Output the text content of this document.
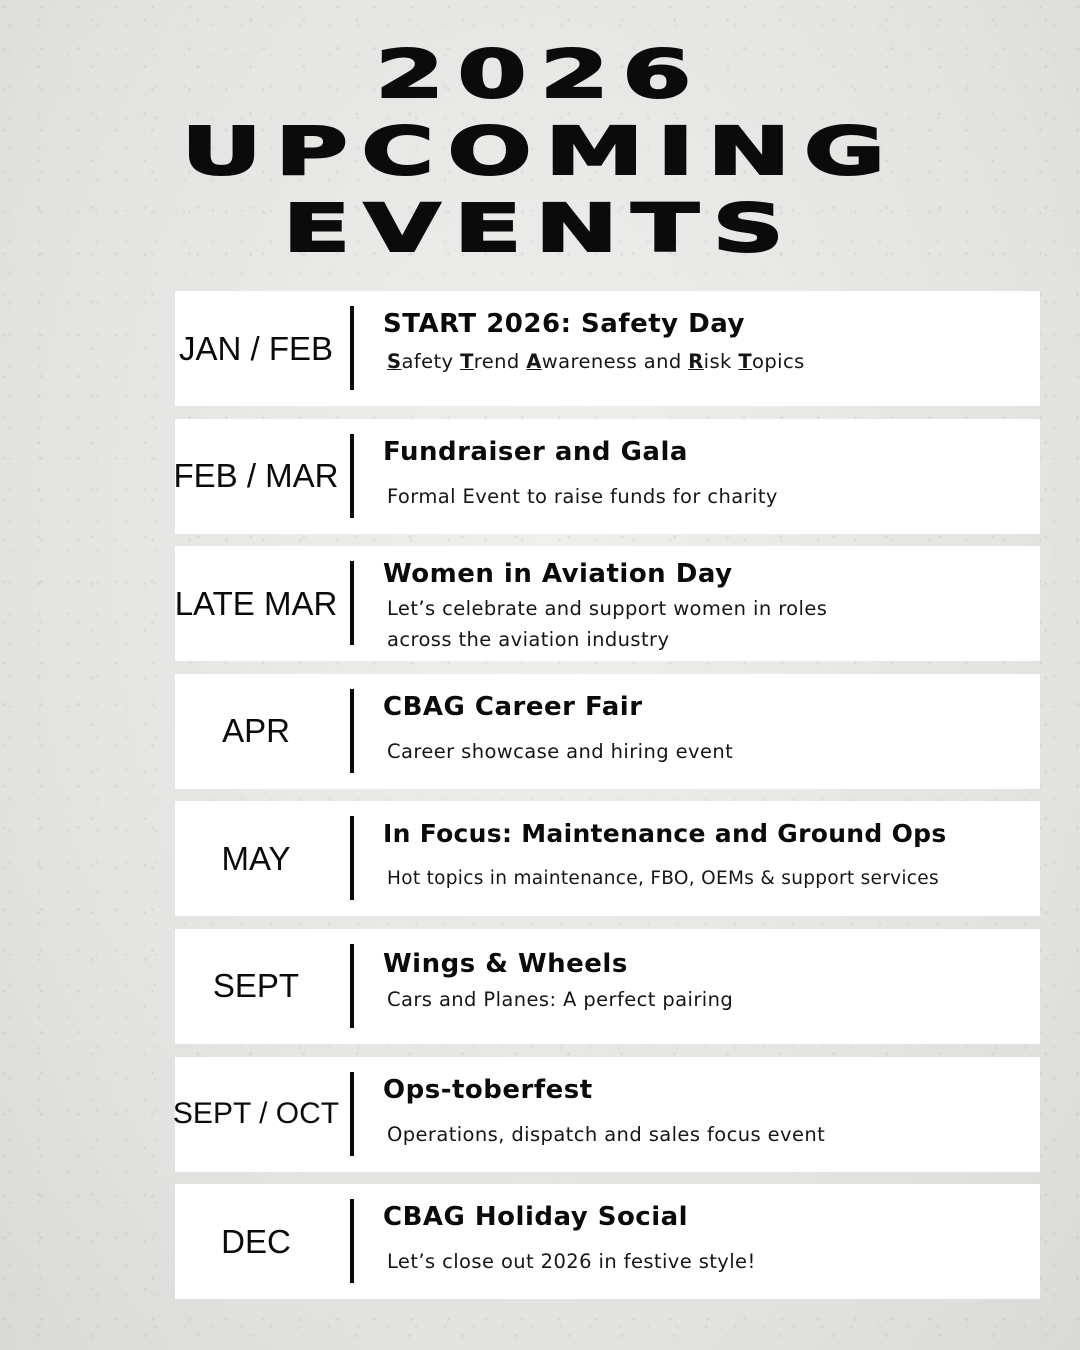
2026
UPCOMING
EVENTS
JAN / FEB
START 2026: Safety Day
Safety Trend Awareness and Risk Topics
FEB / MAR
Fundraiser and Gala
Formal Event to raise funds for charity
LATE MAR
Women in Aviation Day
Let’s celebrate and support women in roles
across the aviation industry
APR
CBAG Career Fair
Career showcase and hiring event
MAY
In Focus: Maintenance and Ground Ops
Hot topics in maintenance, FBO, OEMs & support services
SEPT
Wings & Wheels
Cars and Planes: A perfect pairing
SEPT / OCT
Ops-toberfest
Operations, dispatch and sales focus event
DEC
CBAG Holiday Social
Let’s close out 2026 in festive style!
